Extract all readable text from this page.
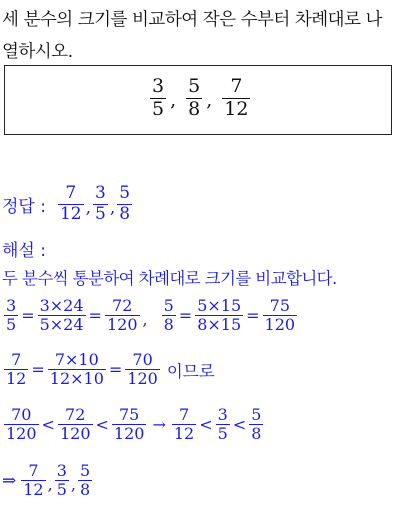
세 분수의 크기를 비교하여 작은 수부터 차례대로 나
열하시오.
$\frac{3}{5}$ , $\frac{5}{8}$ , $\frac{7}{12}$
정답 : $\frac{7}{12}$ , $\frac{3}{5}$ , $\frac{5}{8}$
해설 :
두 분수씩 통분하여 차례대로 크기를 비교합니다.
$\frac{3}{5} = \frac{3\times 24}{5\times 24} = \frac{72}{120}$ , $\frac{5}{8} = \frac{5\times 15}{8\times 15} = \frac{75}{120}$
$\frac{7}{12} = \frac{7\times 10}{12\times 10} = \frac{70}{120}$ 이므로
$\frac{70}{120} < \frac{72}{120} < \frac{75}{120} \to \frac{7}{12} < \frac{3}{5} < \frac{5}{8}$
⇒ $\frac{7}{12}$ , $\frac{3}{5}$ , $\frac{5}{8}$
